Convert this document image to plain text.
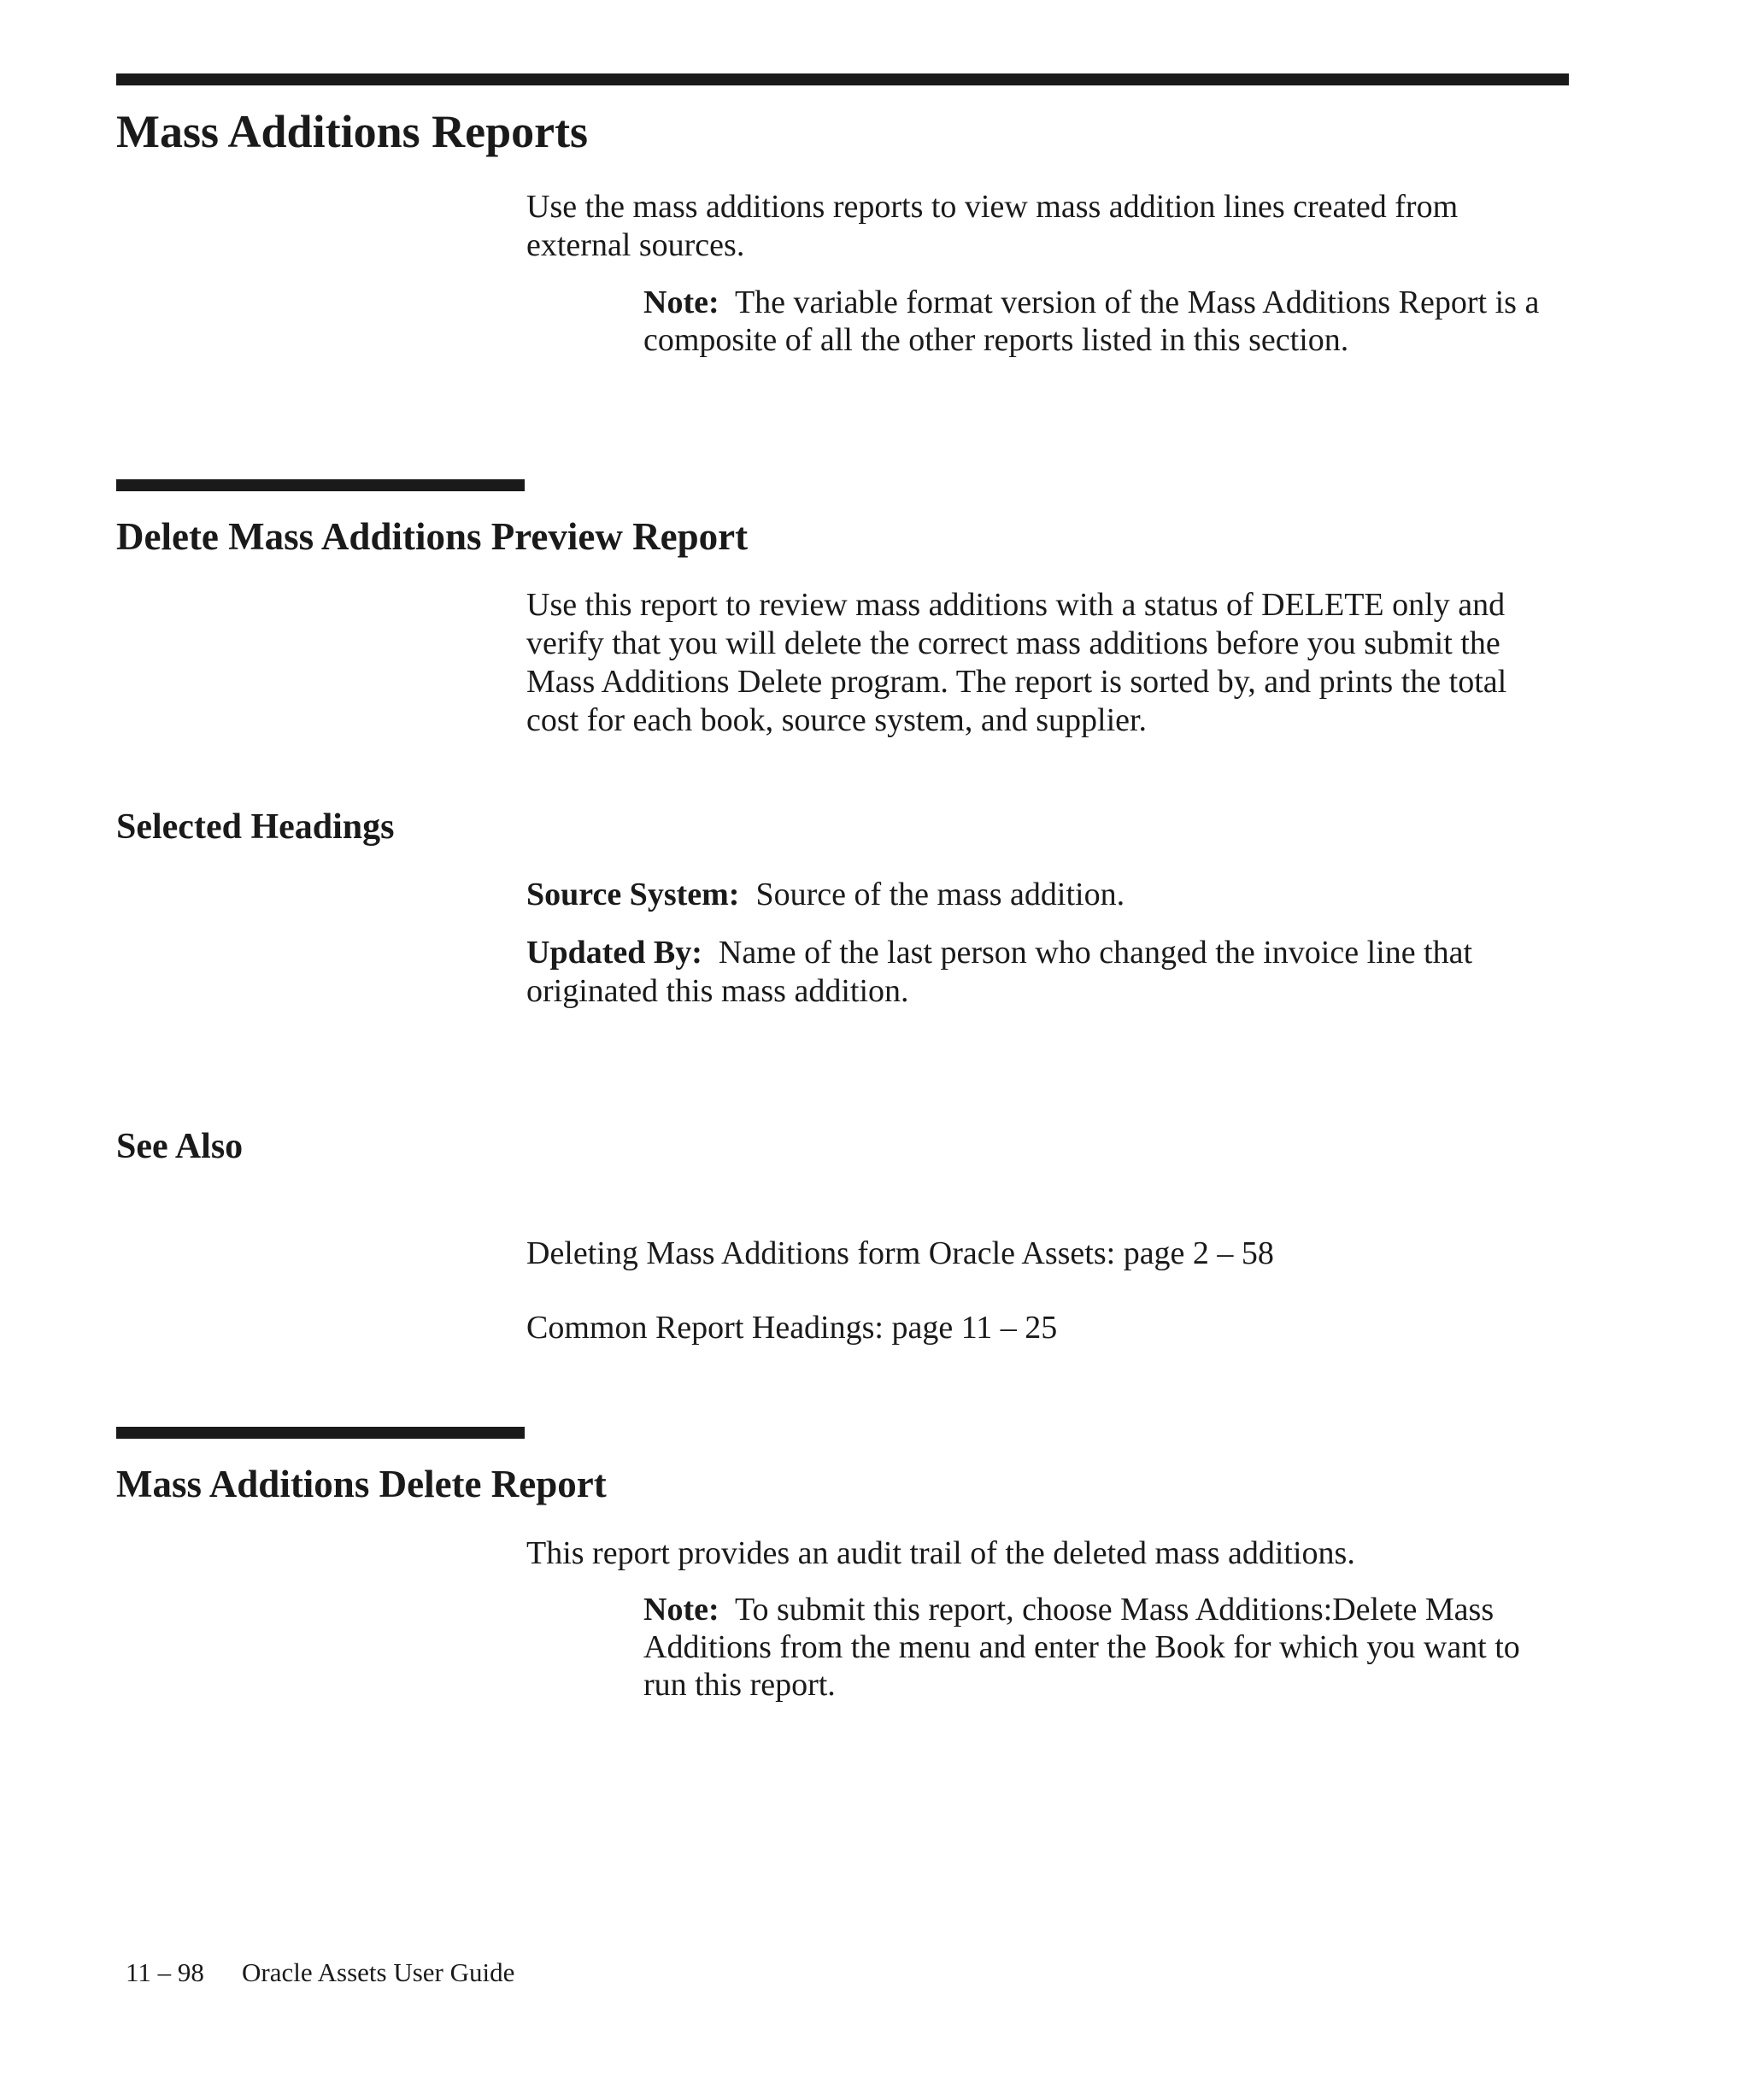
Mass Additions Reports

Use the mass additions reports to view mass addition lines created from external sources.

Note: The variable format version of the Mass Additions Report is a composite of all the other reports listed in this section.

Delete Mass Additions Preview Report

Use this report to review mass additions with a status of DELETE only and verify that you will delete the correct mass additions before you submit the Mass Additions Delete program. The report is sorted by, and prints the total cost for each book, source system, and supplier.

Selected Headings

Source System: Source of the mass addition.

Updated By: Name of the last person who changed the invoice line that originated this mass addition.

See Also

Deleting Mass Additions form Oracle Assets: page 2 – 58

Common Report Headings: page 11 – 25

Mass Additions Delete Report

This report provides an audit trail of the deleted mass additions.

Note: To submit this report, choose Mass Additions:Delete Mass Additions from the menu and enter the Book for which you want to run this report.

11 – 98 Oracle Assets User Guide
